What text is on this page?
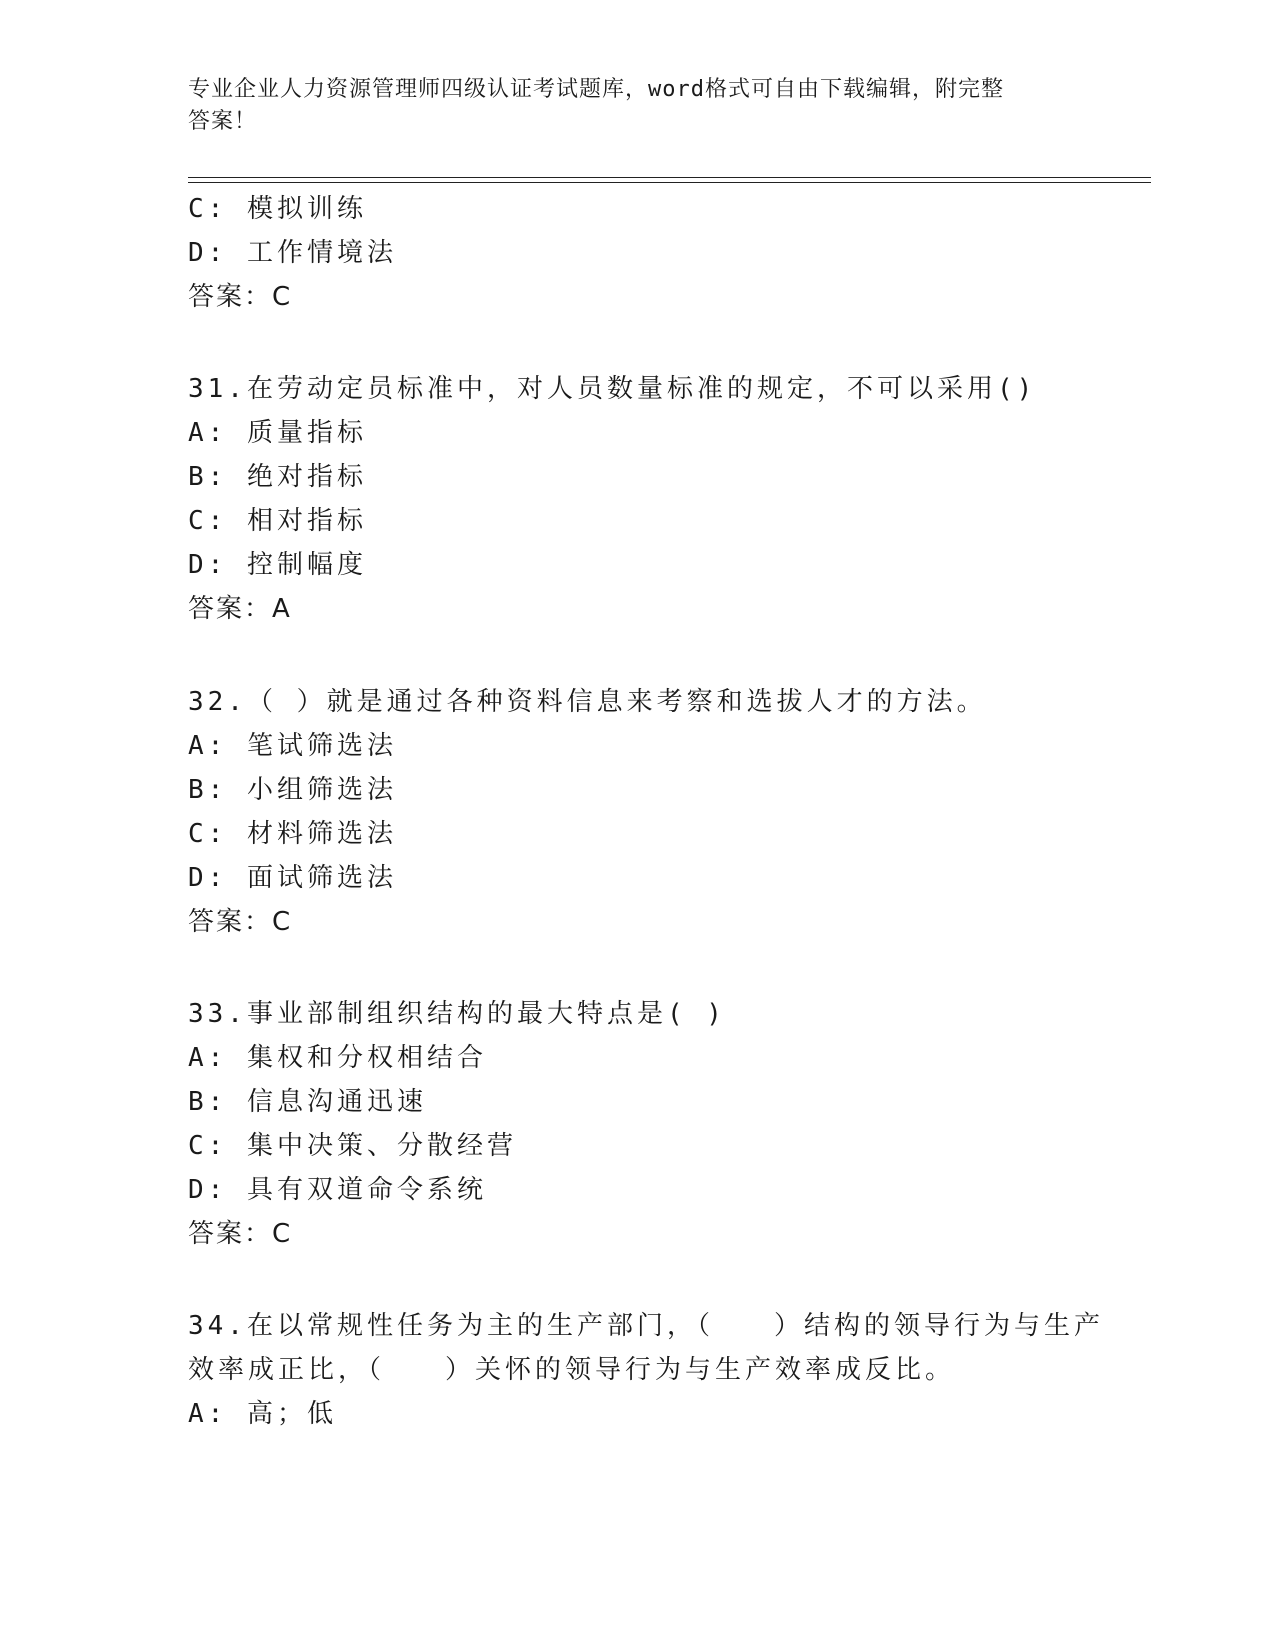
专业企业人力资源管理师四级认证考试题库，word格式可自由下载编辑，附完整
答案！
C: 模拟训练
D: 工作情境法
答案：C
31.在劳动定员标准中，对人员数量标准的规定，不可以采用()
A: 质量指标
B: 绝对指标
C: 相对指标
D: 控制幅度
答案：A
32.（ ）就是通过各种资料信息来考察和选拔人才的方法。
A: 笔试筛选法
B: 小组筛选法
C: 材料筛选法
D: 面试筛选法
答案：C
33.事业部制组织结构的最大特点是( )
A: 集权和分权相结合
B: 信息沟通迅速
C: 集中决策、分散经营
D: 具有双道命令系统
答案：C
34.在以常规性任务为主的生产部门，（　　）结构的领导行为与生产
效率成正比，（　　）关怀的领导行为与生产效率成反比。
A: 高；低
